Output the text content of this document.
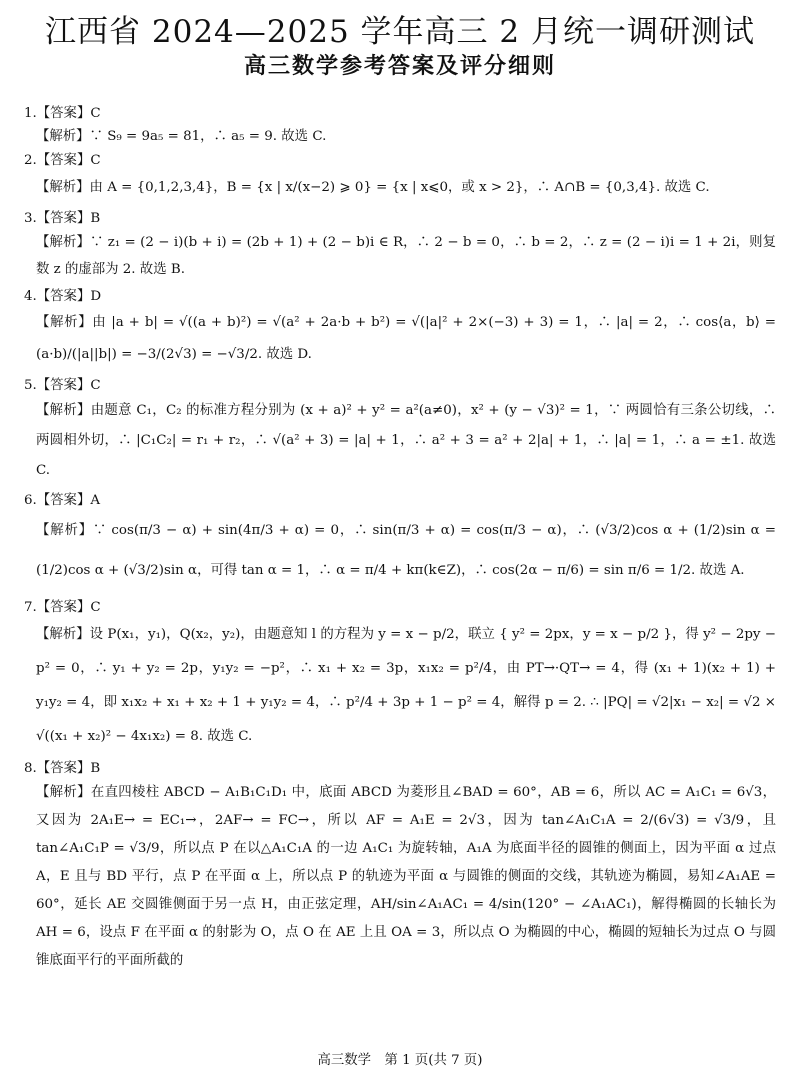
江西省 2024—2025 学年高三 2 月统一调研测试
高三数学参考答案及评分细则
1.【答案】C
【解析】∵ S₉ = 9a₅ = 81，∴ a₅ = 9. 故选 C.
2.【答案】C
【解析】由 A = {0,1,2,3,4}，B = {x | x/(x−2) ⩾ 0} = {x | x⩽0，或 x > 2}，∴ A∩B = {0,3,4}. 故选 C.
3.【答案】B
【解析】∵ z₁ = (2 − i)(b + i) = (2b + 1) + (2 − b)i ∈ R，∴ 2 − b = 0，∴ b = 2，∴ z = (2 − i)i = 1 + 2i，则复数 z 的虚部为 2. 故选 B.
4.【答案】D
【解析】由 |a + b| = √((a + b)²) = √(a² + 2a·b + b²) = √(|a|² + 2×(−3) + 3) = 1，∴ |a| = 2，∴ cos⟨a，b⟩ = (a·b)/(|a||b|) = −3/(2√3) = −√3/2. 故选 D.
5.【答案】C
【解析】由题意 C₁，C₂ 的标准方程分别为 (x + a)² + y² = a²(a≠0)，x² + (y − √3)² = 1，∵ 两圆恰有三条公切线，∴ 两圆相外切，∴ |C₁C₂| = r₁ + r₂，∴ √(a² + 3) = |a| + 1，∴ a² + 3 = a² + 2|a| + 1，∴ |a| = 1，∴ a = ±1. 故选 C.
6.【答案】A
【解析】∵ cos(π/3 − α) + sin(4π/3 + α) = 0，∴ sin(π/3 + α) = cos(π/3 − α)，∴ (√3/2)cos α + (1/2)sin α = (1/2)cos α + (√3/2)sin α，可得 tan α = 1，∴ α = π/4 + kπ(k∈Z)，∴ cos(2α − π/6) = sin π/6 = 1/2. 故选 A.
7.【答案】C
【解析】设 P(x₁，y₁)，Q(x₂，y₂)，由题意知 l 的方程为 y = x − p/2，联立 { y² = 2px，y = x − p/2 }，得 y² − 2py − p² = 0，∴ y₁ + y₂ = 2p，y₁y₂ = −p²，∴ x₁ + x₂ = 3p，x₁x₂ = p²/4，由 PT→·QT→ = 4，得 (x₁ + 1)(x₂ + 1) + y₁y₂ = 4，即 x₁x₂ + x₁ + x₂ + 1 + y₁y₂ = 4，∴ p²/4 + 3p + 1 − p² = 4，解得 p = 2. ∴ |PQ| = √2|x₁ − x₂| = √2 × √((x₁ + x₂)² − 4x₁x₂) = 8. 故选 C.
8.【答案】B
【解析】在直四棱柱 ABCD − A₁B₁C₁D₁ 中，底面 ABCD 为菱形且∠BAD = 60°，AB = 6，所以 AC = A₁C₁ = 6√3，又因为 2A₁E→ = EC₁→，2AF→ = FC→，所以 AF = A₁E = 2√3，因为 tan∠A₁C₁A = 2/(6√3) = √3/9，且 tan∠A₁C₁P = √3/9，所以点 P 在以△A₁C₁A 的一边 A₁C₁ 为旋转轴，A₁A 为底面半径的圆锥的侧面上，因为平面 α 过点 A，E 且与 BD 平行，点 P 在平面 α 上，所以点 P 的轨迹为平面 α 与圆锥的侧面的交线，其轨迹为椭圆，易知∠A₁AE = 60°，延长 AE 交圆锥侧面于另一点 H，由正弦定理，AH/sin∠A₁AC₁ = 4/sin(120° − ∠A₁AC₁)，解得椭圆的长轴长为 AH = 6，设点 F 在平面 α 的射影为 O，点 O 在 AE 上且 OA = 3，所以点 O 为椭圆的中心，椭圆的短轴长为过点 O 与圆锥底面平行的平面所截的
高三数学　第 1 页(共 7 页)
